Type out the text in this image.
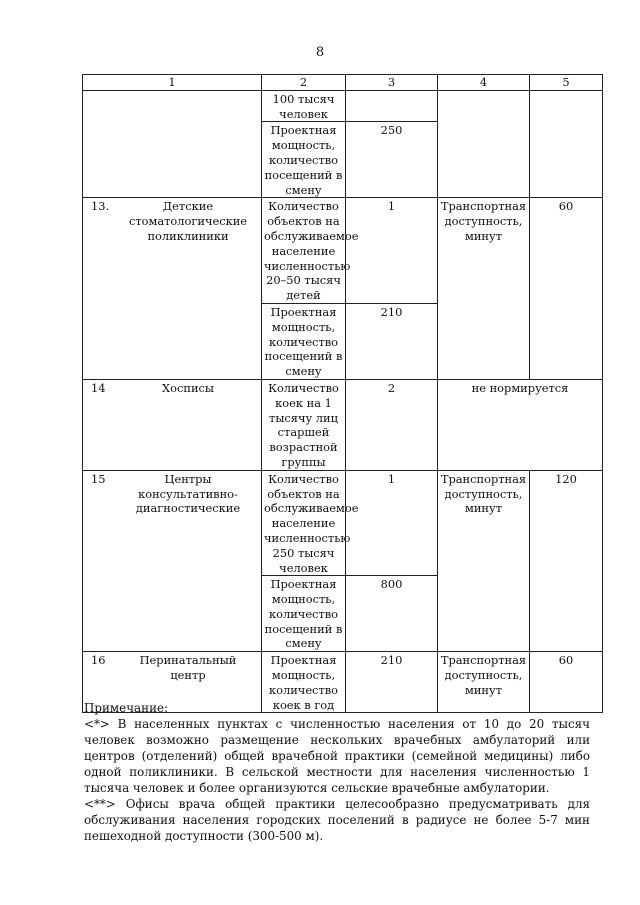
8
1	2	3	4	5
	100 тысяч человек			
	Проектная мощность, количество посещений в смену	250		
13. Детские стоматологические поликлиники	Количество объектов на обслуживаемое население численностью 20–50 тысяч детей	1	Транспортная доступность, минут	60
	Проектная мощность, количество посещений в смену	210		
14 Хосписы	Количество коек на 1 тысячу лиц старшей возрастной группы	2	не нормируется	
15 Центры консультативно-диагностические	Количество объектов на обслуживаемое население численностью 250 тысяч человек	1	Транспортная доступность, минут	120
	Проектная мощность, количество посещений в смену	800		
16 Перинатальный центр	Проектная мощность, количество коек в год	210	Транспортная доступность, минут	60

Примечание:

<*> В населенных пунктах с численностью населения от 10 до 20 тысяч человек возможно размещение нескольких врачебных амбулаторий или центров (отделений) общей врачебной практики (семейной медицины) либо одной поликлиники. В сельской местности для населения численностью 1 тысяча человек и более организуются сельские врачебные амбулатории.

<**> Офисы врача общей практики целесообразно предусматривать для обслуживания населения городских поселений в радиусе не более 5-7 мин пешеходной доступности (300-500 м).
